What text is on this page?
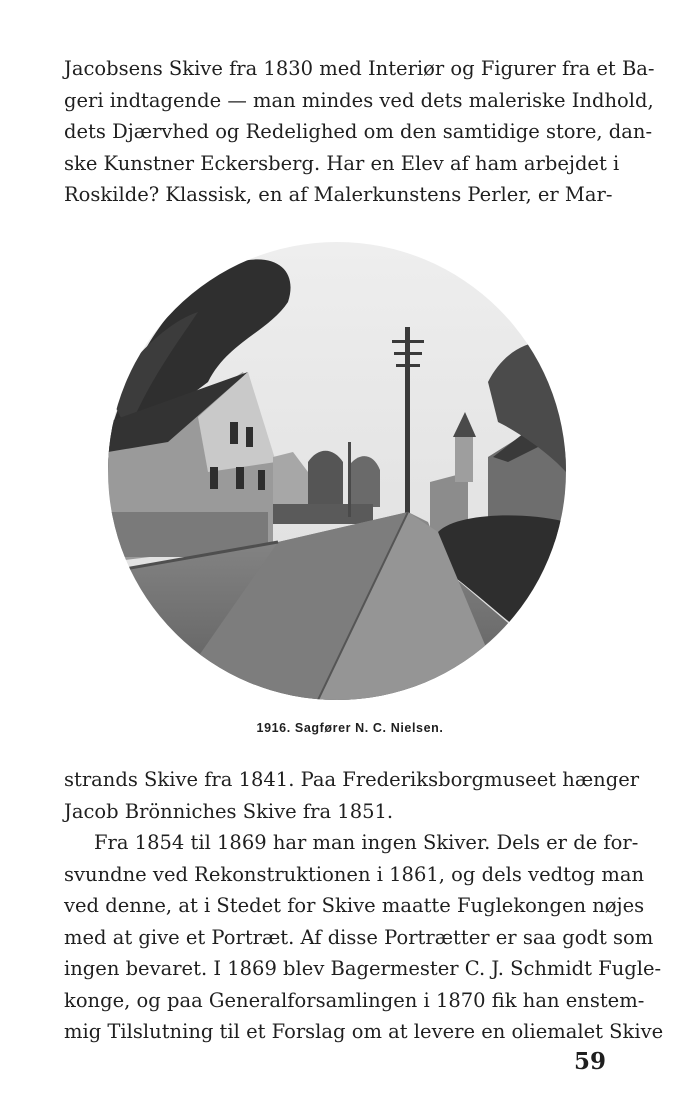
Jacobsens Skive fra 1830 med Interiør og Figurer fra et Ba-
geri indtagende — man mindes ved dets maleriske Indhold,
dets Djærvhed og Redelighed om den samtidige store, dan-
ske Kunstner Eckersberg. Har en Elev af ham arbejdet i
Roskilde? Klassisk, en af Malerkunstens Perler, er Mar-

1916. Sagfører N. C. Nielsen.

strands Skive fra 1841. Paa Frederiksborgmuseet hænger
Jacob Brönniches Skive fra 1851.
Fra 1854 til 1869 har man ingen Skiver. Dels er de for-
svundne ved Rekonstruktionen i 1861, og dels vedtog man
ved denne, at i Stedet for Skive maatte Fuglekongen nøjes
med at give et Portræt. Af disse Portrætter er saa godt som
ingen bevaret. I 1869 blev Bagermester C. J. Schmidt Fugle-
konge, og paa Generalforsamlingen i 1870 fik han enstem-
mig Tilslutning til et Forslag om at levere en oliemalet Skive

59
